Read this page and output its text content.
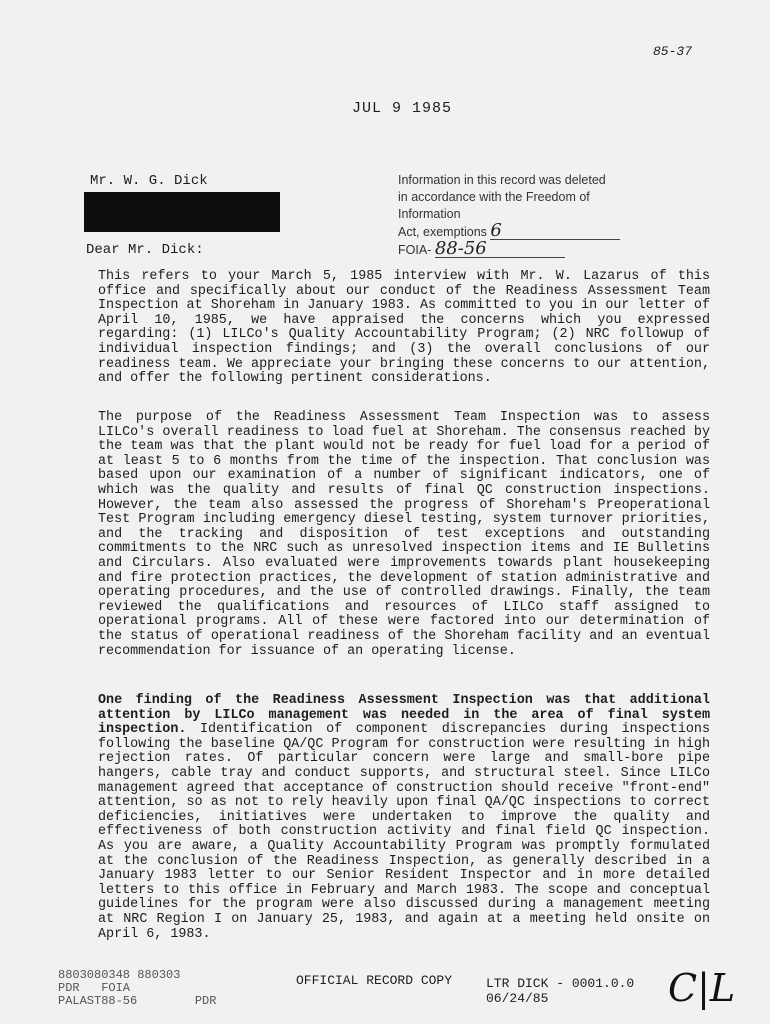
85-37
JUL 9 1985
Mr. W. G. Dick	Information in this record was deleted
in accordance with the Freedom of Information
Act, exemptions 6
FOIA- 88-56
Dear Mr. Dick:
This refers to your March 5, 1985 interview with Mr. W. Lazarus of this office and specifically about our conduct of the Readiness Assessment Team Inspection at Shoreham in January 1983. As committed to you in our letter of April 10, 1985, we have appraised the concerns which you expressed regarding: (1) LILCo's Quality Accountability Program; (2) NRC followup of individual inspection findings; and (3) the overall conclusions of our readiness team. We appreciate your bringing these concerns to our attention, and offer the following pertinent considerations.
The purpose of the Readiness Assessment Team Inspection was to assess LILCo's overall readiness to load fuel at Shoreham. The consensus reached by the team was that the plant would not be ready for fuel load for a period of at least 5 to 6 months from the time of the inspection. That conclusion was based upon our examination of a number of significant indicators, one of which was the quality and results of final QC construction inspections. However, the team also assessed the progress of Shoreham's Preoperational Test Program including emergency diesel testing, system turnover priorities, and the tracking and disposition of test exceptions and outstanding commitments to the NRC such as unresolved inspection items and IE Bulletins and Circulars. Also evaluated were improvements towards plant housekeeping and fire protection practices, the development of station administrative and operating procedures, and the use of controlled drawings. Finally, the team reviewed the qualifications and resources of LILCo staff assigned to operational programs. All of these were factored into our determination of the status of operational readiness of the Shoreham facility and an eventual recommendation for issuance of an operating license.
One finding of the Readiness Assessment Inspection was that additional attention by LILCo management was needed in the area of final system inspection. Identification of component discrepancies during inspections following the baseline QA/QC Program for construction were resulting in high rejection rates. Of particular concern were large and small-bore pipe hangers, cable tray and conduct supports, and structural steel. Since LILCo management agreed that acceptance of construction should receive "front-end" attention, so as not to rely heavily upon final QA/QC inspections to correct deficiencies, initiatives were undertaken to improve the quality and effectiveness of both construction activity and final field QC inspection. As you are aware, a Quality Accountability Program was promptly formulated at the conclusion of the Readiness Inspection, as generally described in a January 1983 letter to our Senior Resident Inspector and in more detailed letters to this office in February and March 1983. The scope and conceptual guidelines for the program were also discussed during a management meeting at NRC Region I on January 25, 1983, and again at a meeting held onsite on April 6, 1983.
8803080348 880303
PDR   FOIA
PALAST88-56        PDR
OFFICIAL RECORD COPY	LTR DICK - 0001.0.0
06/24/85	C|L
